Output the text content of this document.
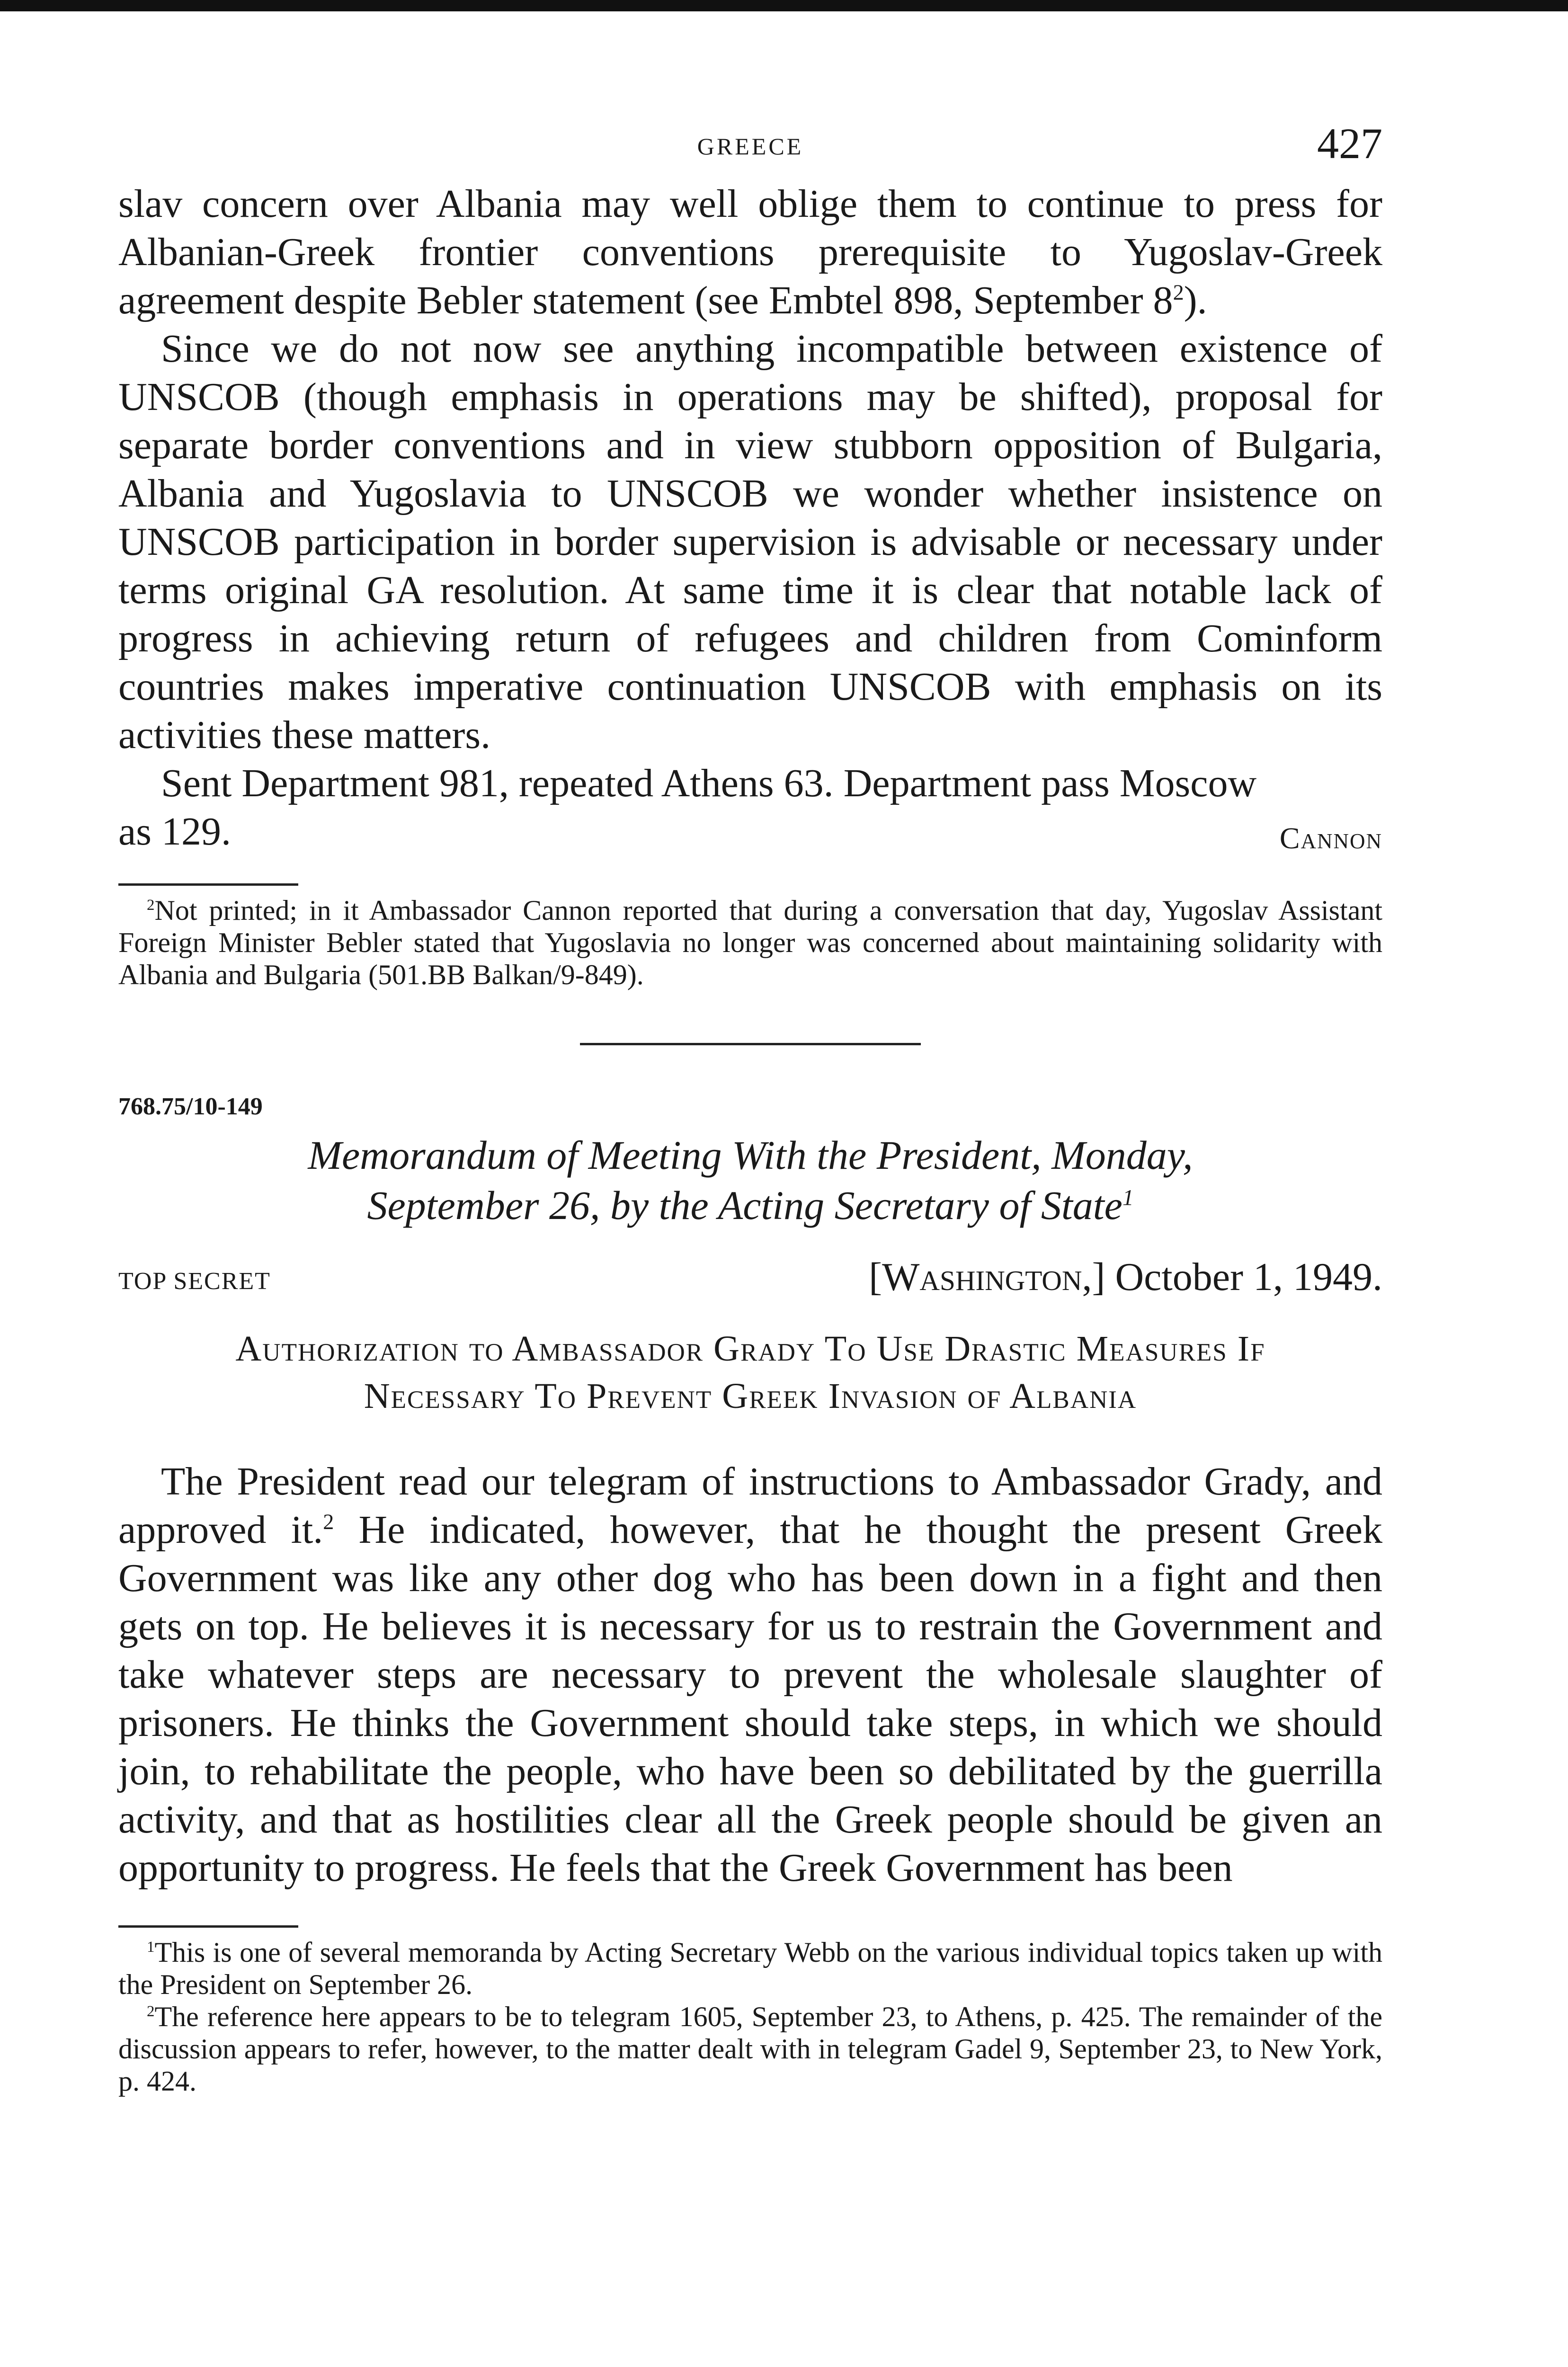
GREECE	427

slav concern over Albania may well oblige them to continue to press for Albanian-Greek frontier conventions prerequisite to Yugoslav-Greek agreement despite Bebler statement (see Embtel 898, September $8^2$).

Since we do not now see anything incompatible between existence of UNSCOB (though emphasis in operations may be shifted), proposal for separate border conventions and in view stubborn opposition of Bulgaria, Albania and Yugoslavia to UNSCOB we wonder whether insistence on UNSCOB participation in border supervision is advisable or necessary under terms original GA resolution. At same time it is clear that notable lack of progress in achieving return of refugees and children from Cominform countries makes imperative continuation UNSCOB with emphasis on its activities these matters.

Sent Department 981, repeated Athens 63. Department pass Moscow

as 129.	Cannon

$^2$Not printed; in it Ambassador Cannon reported that during a conversation that day, Yugoslav Assistant Foreign Minister Bebler stated that Yugoslavia no longer was concerned about maintaining solidarity with Albania and Bulgaria (501.BB Balkan/9-849).

768.75/10-149

Memorandum of Meeting With the President, Monday,
September 26, by the Acting Secretary of State$^1$

TOP SECRET	[Washington,] October 1, 1949.

Authorization to Ambassador Grady To Use Drastic Measures If
Necessary To Prevent Greek Invasion of Albania

The President read our telegram of instructions to Ambassador Grady, and approved it.$^2$ He indicated, however, that he thought the present Greek Government was like any other dog who has been down in a fight and then gets on top. He believes it is necessary for us to restrain the Government and take whatever steps are necessary to prevent the wholesale slaughter of prisoners. He thinks the Government should take steps, in which we should join, to rehabilitate the people, who have been so debilitated by the guerrilla activity, and that as hostilities clear all the Greek people should be given an opportunity to progress. He feels that the Greek Government has been

$^1$This is one of several memoranda by Acting Secretary Webb on the various individual topics taken up with the President on September 26.

$^2$The reference here appears to be to telegram 1605, September 23, to Athens, p. 425. The remainder of the discussion appears to refer, however, to the matter dealt with in telegram Gadel 9, September 23, to New York, p. 424.
